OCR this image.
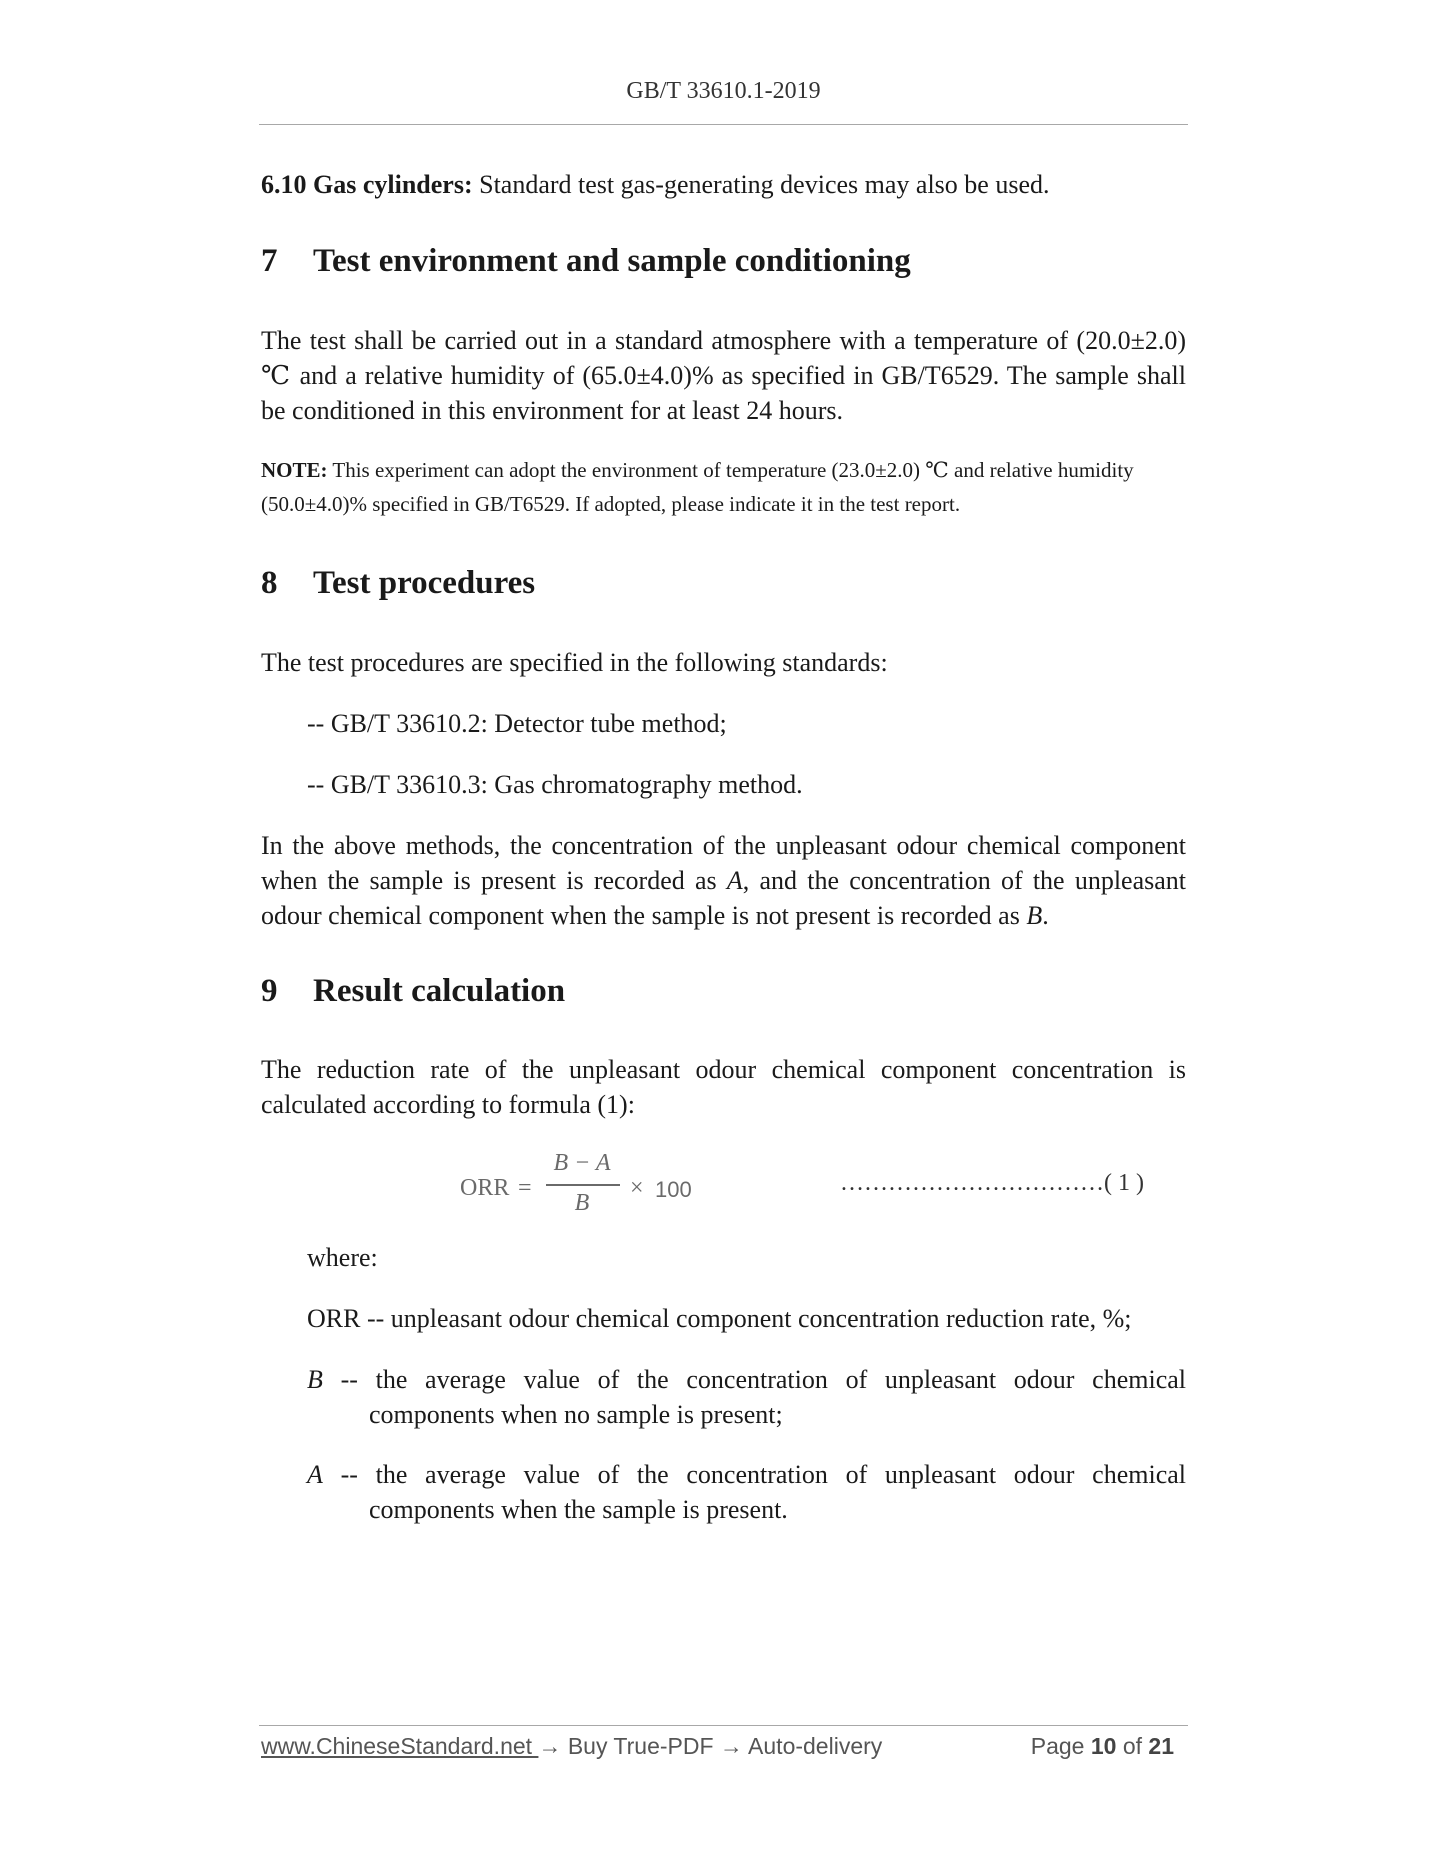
GB/T 33610.1-2019
6.10 Gas cylinders: Standard test gas-generating devices may also be used.
7 Test environment and sample conditioning
The test shall be carried out in a standard atmosphere with a temperature of (20.0±2.0) ℃ and a relative humidity of (65.0±4.0)% as specified in GB/T6529. The sample shall be conditioned in this environment for at least 24 hours.
NOTE: This experiment can adopt the environment of temperature (23.0±2.0) ℃ and relative humidity (50.0±4.0)% specified in GB/T6529. If adopted, please indicate it in the test report.
8 Test procedures
The test procedures are specified in the following standards:
-- GB/T 33610.2: Detector tube method;
-- GB/T 33610.3: Gas chromatography method.
In the above methods, the concentration of the unpleasant odour chemical component when the sample is present is recorded as A, and the concentration of the unpleasant odour chemical component when the sample is not present is recorded as B.
9 Result calculation
The reduction rate of the unpleasant odour chemical component concentration is calculated according to formula (1):
ORR =
B − A
B
× 100	……………………………( 1 )
where:
ORR -- unpleasant odour chemical component concentration reduction rate, %;
B -- the average value of the concentration of unpleasant odour chemical components when no sample is present;
A -- the average value of the concentration of unpleasant odour chemical components when the sample is present.
www.ChineseStandard.net → Buy True-PDF → Auto-delivery	Page 10 of 21
